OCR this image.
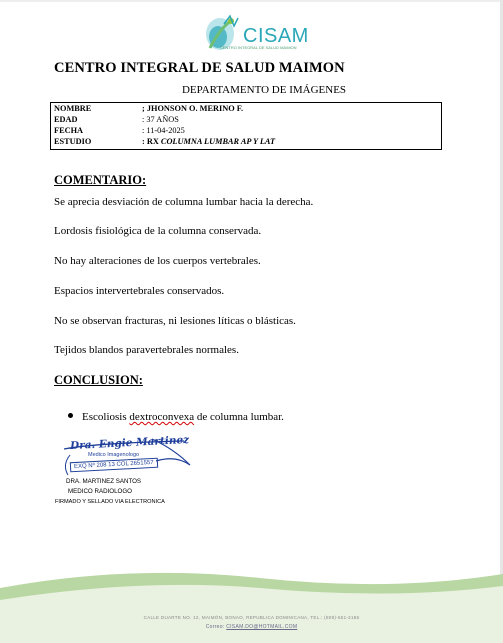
CISAM
CENTRO INTEGRAL DE SALUD MAIMON
CENTRO INTEGRAL DE SALUD MAIMON
DEPARTAMENTO DE IMÁGENES
NOMBRE	; JHONSON O. MERINO F.
EDAD	: 37 AÑOS
FECHA	: 11-04-2025
ESTUDIO	: RX COLUMNA LUMBAR AP Y LAT
COMENTARIO:
Se aprecia desviación de columna lumbar hacia la derecha.
Lordosis fisiológica de la columna conservada.
No hay alteraciones de los cuerpos vertebrales.
Espacios intervertebrales conservados.
No se observan fracturas, ni lesiones líticas o blásticas.
Tejidos blandos paravertebrales normales.
CONCLUSION:
Escoliosis dextroconvexa de columna lumbar.
Dra. Engie Martinez
Medico Imagenologo
EXQ Nº 208 13 COL 2651557
DRA. MARTINEZ SANTOS
MEDICO RADIOLOGO
FIRMADO Y SELLADO VIA ELECTRONICA
CALLE DUARTE NO. 12, MAIMÓN, BONAO, REPUBLICA DOMINICANA, TEL.: (809)-551-2186
Correo: CISAM.DO@HOTMAIL.COM
